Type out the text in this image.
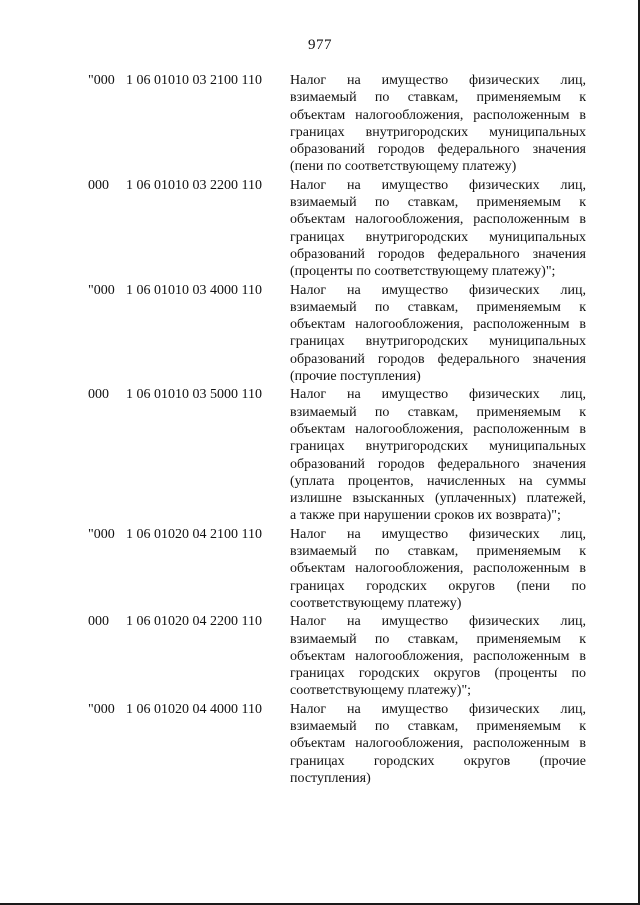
977
"000 1 06 01010 03 2100 110	Налог на имущество физических лиц,
взимаемый по ставкам, применяемым к
объектам налогообложения, расположенным в
границах внутригородских муниципальных
образований городов федерального значения
(пени по соответствующему платежу)
000	1 06 01010 03 2200 110	Налог на имущество физических лиц,
взимаемый по ставкам, применяемым к
объектам налогообложения, расположенным в
границах внутригородских муниципальных
образований городов федерального значения
(проценты по соответствующему платежу)";
"000 1 06 01010 03 4000 110	Налог на имущество физических лиц,
взимаемый по ставкам, применяемым к
объектам налогообложения, расположенным в
границах внутригородских муниципальных
образований городов федерального значения
(прочие поступления)
000	1 06 01010 03 5000 110	Налог на имущество физических лиц,
взимаемый по ставкам, применяемым к
объектам налогообложения, расположенным в
границах внутригородских муниципальных
образований городов федерального значения
(уплата процентов, начисленных на суммы
излишне взысканных (уплаченных) платежей,
а также при нарушении сроков их возврата)";
"000 1 06 01020 04 2100 110	Налог на имущество физических лиц,
взимаемый по ставкам, применяемым к
объектам налогообложения, расположенным в
границах городских округов (пени по
соответствующему платежу)
000	1 06 01020 04 2200 110	Налог на имущество физических лиц,
взимаемый по ставкам, применяемым к
объектам налогообложения, расположенным в
границах городских округов (проценты по
соответствующему платежу)";
"000 1 06 01020 04 4000 110	Налог на имущество физических лиц,
взимаемый по ставкам, применяемым к
объектам налогообложения, расположенным в
границах городских округов (прочие
поступления)
